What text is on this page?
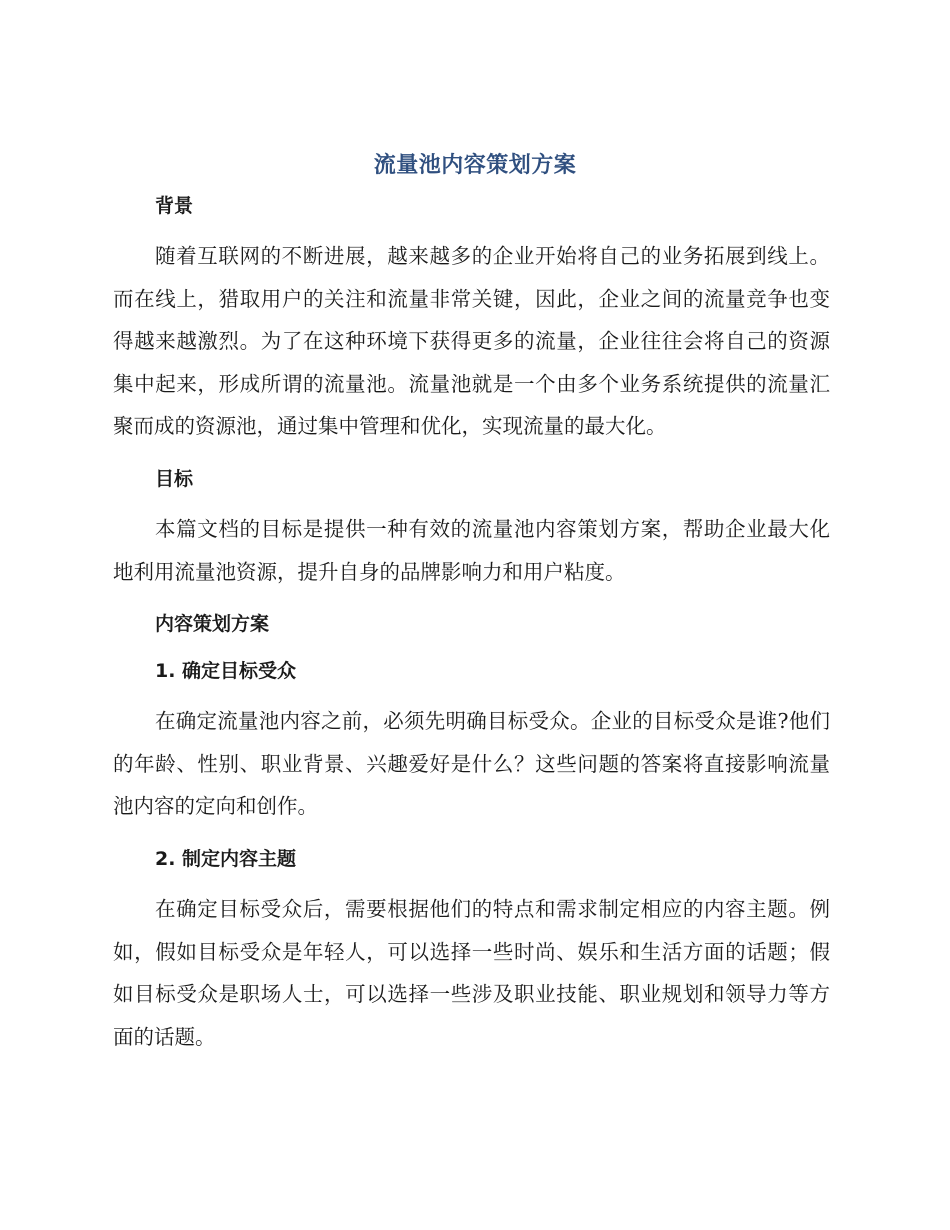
流量池内容策划方案
背景

随着互联网的不断进展，越来越多的企业开始将自己的业务拓展到线上。而在线上，猎取用户的关注和流量非常关键，因此，企业之间的流量竞争也变得越来越激烈。为了在这种环境下获得更多的流量，企业往往会将自己的资源集中起来，形成所谓的流量池。流量池就是一个由多个业务系统提供的流量汇聚而成的资源池，通过集中管理和优化，实现流量的最大化。

目标

本篇文档的目标是提供一种有效的流量池内容策划方案，帮助企业最大化地利用流量池资源，提升自身的品牌影响力和用户粘度。

内容策划方案
1. 确定目标受众

在确定流量池内容之前，必须先明确目标受众。企业的目标受众是谁?他们的年龄、性别、职业背景、兴趣爱好是什么？这些问题的答案将直接影响流量池内容的定向和创作。

2. 制定内容主题

在确定目标受众后，需要根据他们的特点和需求制定相应的内容主题。例如，假如目标受众是年轻人，可以选择一些时尚、娱乐和生活方面的话题；假如目标受众是职场人士，可以选择一些涉及职业技能、职业规划和领导力等方面的话题。
